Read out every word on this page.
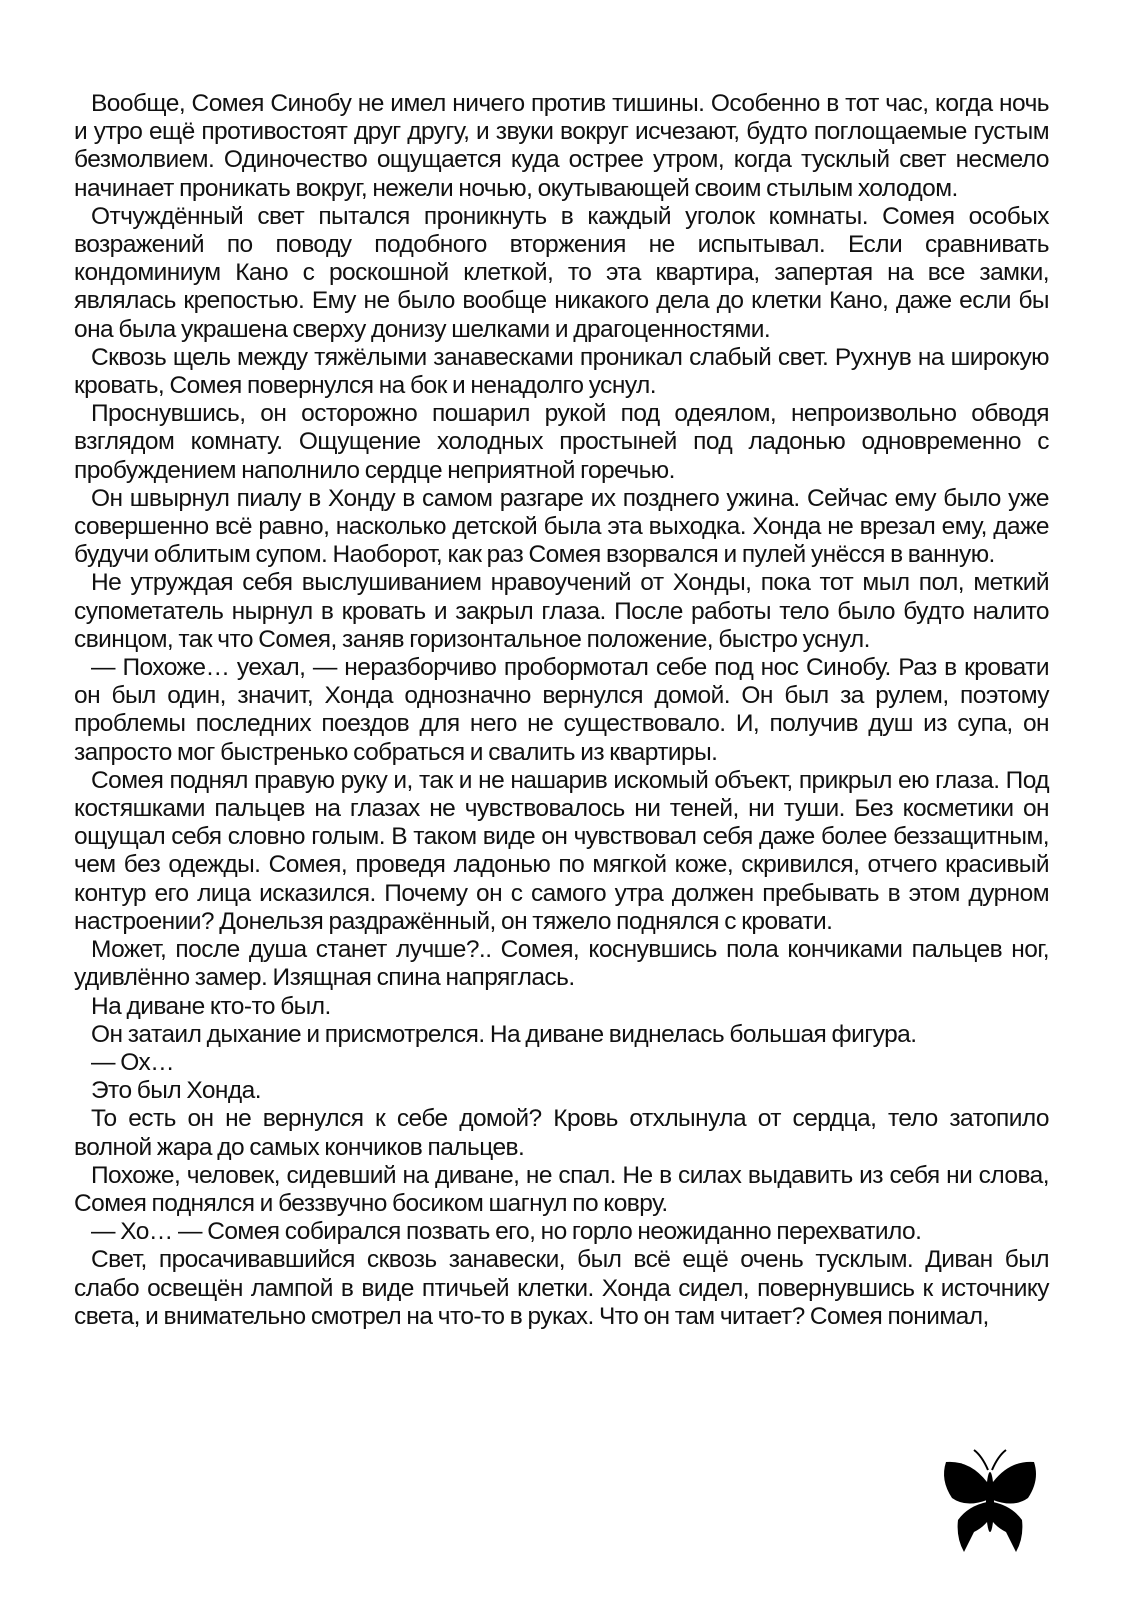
Вообще, Сомея Синобу не имел ничего против тишины. Особенно в тот час, когда ночь и утро ещё противостоят друг другу, и звуки вокруг исчезают, будто поглощаемые густым безмолвием. Одиночество ощущается куда острее утром, когда тусклый свет несмело начинает проникать вокруг, нежели ночью, окутывающей своим стылым холодом.

Отчуждённый свет пытался проникнуть в каждый уголок комнаты. Сомея особых возражений по поводу подобного вторжения не испытывал. Если сравнивать кондоминиум Кано с роскошной клеткой, то эта квартира, запертая на все замки, являлась крепостью. Ему не было вообще никакого дела до клетки Кано, даже если бы она была украшена сверху донизу шелками и драгоценностями.

Сквозь щель между тяжёлыми занавесками проникал слабый свет. Рухнув на широкую кровать, Сомея повернулся на бок и ненадолго уснул.

Проснувшись, он осторожно пошарил рукой под одеялом, непроизвольно обводя взглядом комнату. Ощущение холодных простыней под ладонью одновременно с пробуждением наполнило сердце неприятной горечью.

Он швырнул пиалу в Хонду в самом разгаре их позднего ужина. Сейчас ему было уже совершенно всё равно, насколько детской была эта выходка. Хонда не врезал ему, даже будучи облитым супом. Наоборот, как раз Сомея взорвался и пулей унёсся в ванную.

Не утруждая себя выслушиванием нравоучений от Хонды, пока тот мыл пол, меткий супометатель нырнул в кровать и закрыл глаза. После работы тело было будто налито свинцом, так что Сомея, заняв горизонтальное положение, быстро уснул.

— Похоже… уехал, — неразборчиво пробормотал себе под нос Синобу. Раз в кровати он был один, значит, Хонда однозначно вернулся домой. Он был за рулем, поэтому проблемы последних поездов для него не существовало. И, получив душ из супа, он запросто мог быстренько собраться и свалить из квартиры.

Сомея поднял правую руку и, так и не нашарив искомый объект, прикрыл ею глаза. Под костяшками пальцев на глазах не чувствовалось ни теней, ни туши. Без косметики он ощущал себя словно голым. В таком виде он чувствовал себя даже более беззащитным, чем без одежды. Сомея, проведя ладонью по мягкой коже, скривился, отчего красивый контур его лица исказился. Почему он с самого утра должен пребывать в этом дурном настроении? Донельзя раздражённый, он тяжело поднялся с кровати.

Может, после душа станет лучше?.. Сомея, коснувшись пола кончиками пальцев ног, удивлённо замер. Изящная спина напряглась.

На диване кто-то был.

Он затаил дыхание и присмотрелся. На диване виднелась большая фигура.

— Ох…

Это был Хонда.

То есть он не вернулся к себе домой? Кровь отхлынула от сердца, тело затопило волной жара до самых кончиков пальцев.

Похоже, человек, сидевший на диване, не спал. Не в силах выдавить из себя ни слова, Сомея поднялся и беззвучно босиком шагнул по ковру.

— Хо… — Сомея собирался позвать его, но горло неожиданно перехватило.

Свет, просачивавшийся сквозь занавески, был всё ещё очень тусклым. Диван был слабо освещён лампой в виде птичьей клетки. Хонда сидел, повернувшись к источнику света, и внимательно смотрел на что-то в руках. Что он там читает? Сомея понимал,
